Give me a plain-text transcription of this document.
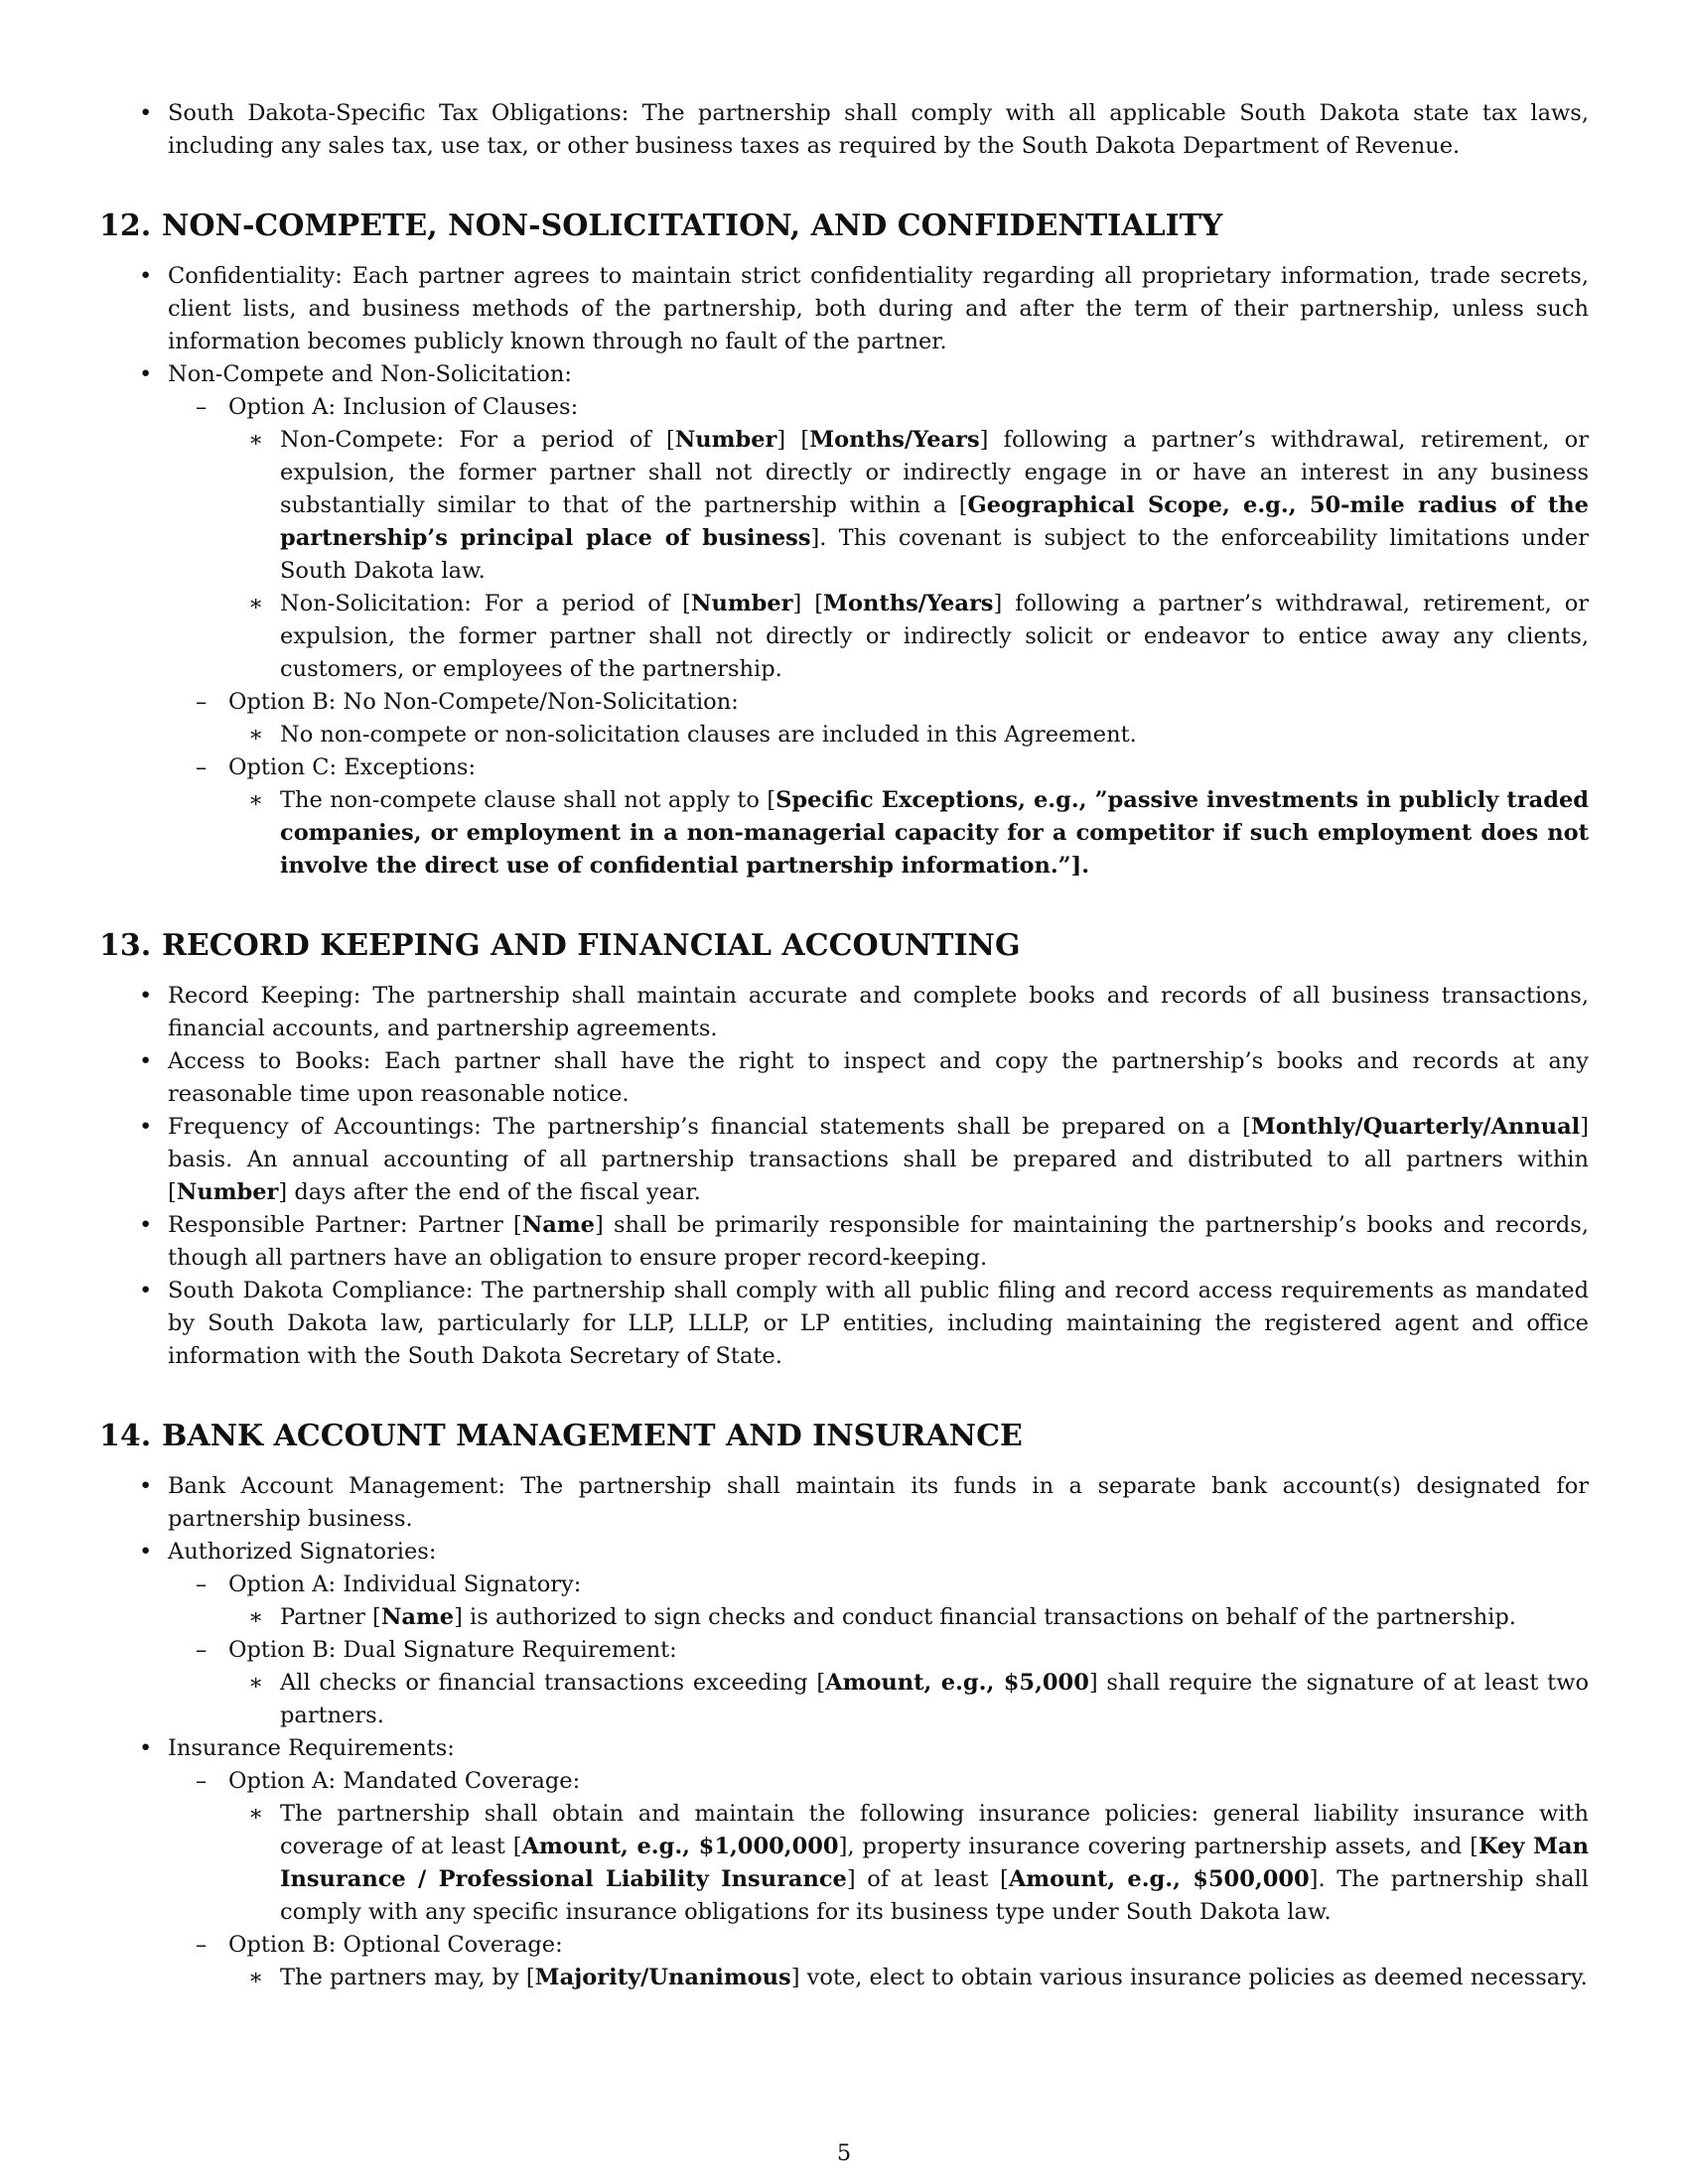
• South Dakota-Specific Tax Obligations: The partnership shall comply with all applicable South Dakota state tax laws, including any sales tax, use tax, or other business taxes as required by the South Dakota Department of Revenue.
12. NON-COMPETE, NON-SOLICITATION, AND CONFIDENTIALITY
• Confidentiality: Each partner agrees to maintain strict confidentiality regarding all proprietary information, trade secrets, client lists, and business methods of the partnership, both during and after the term of their partnership, unless such information becomes publicly known through no fault of the partner.
• Non-Compete and Non-Solicitation:
– Option A: Inclusion of Clauses:
∗ Non-Compete: For a period of [Number] [Months/Years] following a partner’s withdrawal, retirement, or expulsion, the former partner shall not directly or indirectly engage in or have an interest in any business substantially similar to that of the partnership within a [Geographical Scope, e.g., 50-mile radius of the partnership’s principal place of business]. This covenant is subject to the enforceability limitations under South Dakota law.
∗ Non-Solicitation: For a period of [Number] [Months/Years] following a partner’s withdrawal, retirement, or expulsion, the former partner shall not directly or indirectly solicit or endeavor to entice away any clients, customers, or employees of the partnership.
– Option B: No Non-Compete/Non-Solicitation:
∗ No non-compete or non-solicitation clauses are included in this Agreement.
– Option C: Exceptions:
∗ The non-compete clause shall not apply to [Specific Exceptions, e.g., ”passive investments in publicly traded companies, or employment in a non-managerial capacity for a competitor if such employment does not involve the direct use of confidential partnership information.”].
13. RECORD KEEPING AND FINANCIAL ACCOUNTING
• Record Keeping: The partnership shall maintain accurate and complete books and records of all business transactions, financial accounts, and partnership agreements.
• Access to Books: Each partner shall have the right to inspect and copy the partnership’s books and records at any reasonable time upon reasonable notice.
• Frequency of Accountings: The partnership’s financial statements shall be prepared on a [Monthly/Quarterly/Annual] basis. An annual accounting of all partnership transactions shall be prepared and distributed to all partners within [Number] days after the end of the fiscal year.
• Responsible Partner: Partner [Name] shall be primarily responsible for maintaining the partnership’s books and records, though all partners have an obligation to ensure proper record-keeping.
• South Dakota Compliance: The partnership shall comply with all public filing and record access requirements as mandated by South Dakota law, particularly for LLP, LLLP, or LP entities, including maintaining the registered agent and office information with the South Dakota Secretary of State.
14. BANK ACCOUNT MANAGEMENT AND INSURANCE
• Bank Account Management: The partnership shall maintain its funds in a separate bank account(s) designated for partnership business.
• Authorized Signatories:
– Option A: Individual Signatory:
∗ Partner [Name] is authorized to sign checks and conduct financial transactions on behalf of the partnership.
– Option B: Dual Signature Requirement:
∗ All checks or financial transactions exceeding [Amount, e.g., $5,000] shall require the signature of at least two partners.
• Insurance Requirements:
– Option A: Mandated Coverage:
∗ The partnership shall obtain and maintain the following insurance policies: general liability insurance with coverage of at least [Amount, e.g., $1,000,000], property insurance covering partnership assets, and [Key Man Insurance / Professional Liability Insurance] of at least [Amount, e.g., $500,000]. The partnership shall comply with any specific insurance obligations for its business type under South Dakota law.
– Option B: Optional Coverage:
∗ The partners may, by [Majority/Unanimous] vote, elect to obtain various insurance policies as deemed necessary.
5
